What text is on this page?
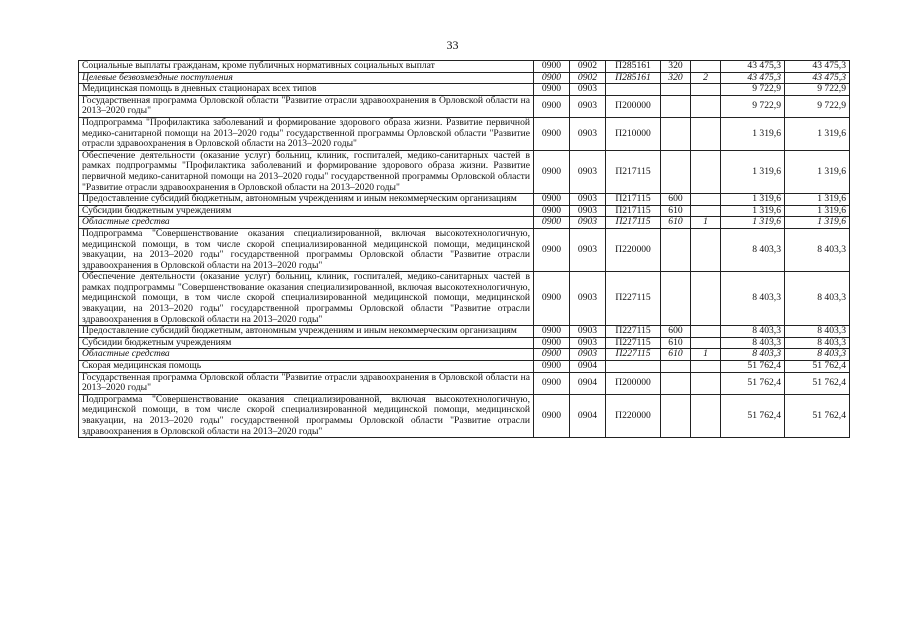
33
Социальные выплаты гражданам, кроме публичных нормативных социальных выплат	0900	0902	П285161	320		43 475,3	43 475,3
Целевые безвозмездные поступления	0900	0902	П285161	320	2	43 475,3	43 475,3
Медицинская помощь в дневных стационарах всех типов	0900	0903				9 722,9	9 722,9
Государственная программа Орловской области "Развитие отрасли здравоохранения в Орловской области на 2013–2020 годы"	0900	0903	П200000			9 722,9	9 722,9
Подпрограмма "Профилактика заболеваний и формирование здорового образа жизни. Развитие первичной медико-санитарной помощи на 2013–2020 годы" государственной программы Орловской области "Развитие отрасли здравоохранения в Орловской области на 2013–2020 годы"	0900	0903	П210000			1 319,6	1 319,6
Обеспечение деятельности (оказание услуг) больниц, клиник, госпиталей, медико-санитарных частей в рамках подпрограммы "Профилактика заболеваний и формирование здорового образа жизни. Развитие первичной медико-санитарной помощи на 2013–2020 годы" государственной программы Орловской области "Развитие отрасли здравоохранения в Орловской области на 2013–2020 годы"	0900	0903	П217115			1 319,6	1 319,6
Предоставление субсидий бюджетным, автономным учреждениям и иным некоммерческим организациям	0900	0903	П217115	600		1 319,6	1 319,6
Субсидии бюджетным учреждениям	0900	0903	П217115	610		1 319,6	1 319,6
Областные средства	0900	0903	П217115	610	1	1 319,6	1 319,6
Подпрограмма "Совершенствование оказания специализированной, включая высокотехнологичную, медицинской помощи, в том числе скорой специализированной медицинской помощи, медицинской эвакуации, на 2013–2020 годы" государственной программы Орловской области "Развитие отрасли здравоохранения в Орловской области на 2013–2020 годы"	0900	0903	П220000			8 403,3	8 403,3
Обеспечение деятельности (оказание услуг) больниц, клиник, госпиталей, медико-санитарных частей в рамках подпрограммы "Совершенствование оказания специализированной, включая высокотехнологичную, медицинской помощи, в том числе скорой специализированной медицинской помощи, медицинской эвакуации, на 2013–2020 годы" государственной программы Орловской области "Развитие отрасли здравоохранения в Орловской области на 2013–2020 годы"	0900	0903	П227115			8 403,3	8 403,3
Предоставление субсидий бюджетным, автономным учреждениям и иным некоммерческим организациям	0900	0903	П227115	600		8 403,3	8 403,3
Субсидии бюджетным учреждениям	0900	0903	П227115	610		8 403,3	8 403,3
Областные средства	0900	0903	П227115	610	1	8 403,3	8 403,3
Скорая медицинская помощь	0900	0904				51 762,4	51 762,4
Государственная программа Орловской области "Развитие отрасли здравоохранения в Орловской области на 2013–2020 годы"	0900	0904	П200000			51 762,4	51 762,4
Подпрограмма "Совершенствование оказания специализированной, включая высокотехнологичную, медицинской помощи, в том числе скорой специализированной медицинской помощи, медицинской эвакуации, на 2013–2020 годы" государственной программы Орловской области "Развитие отрасли здравоохранения в Орловской области на 2013–2020 годы"	0900	0904	П220000			51 762,4	51 762,4
